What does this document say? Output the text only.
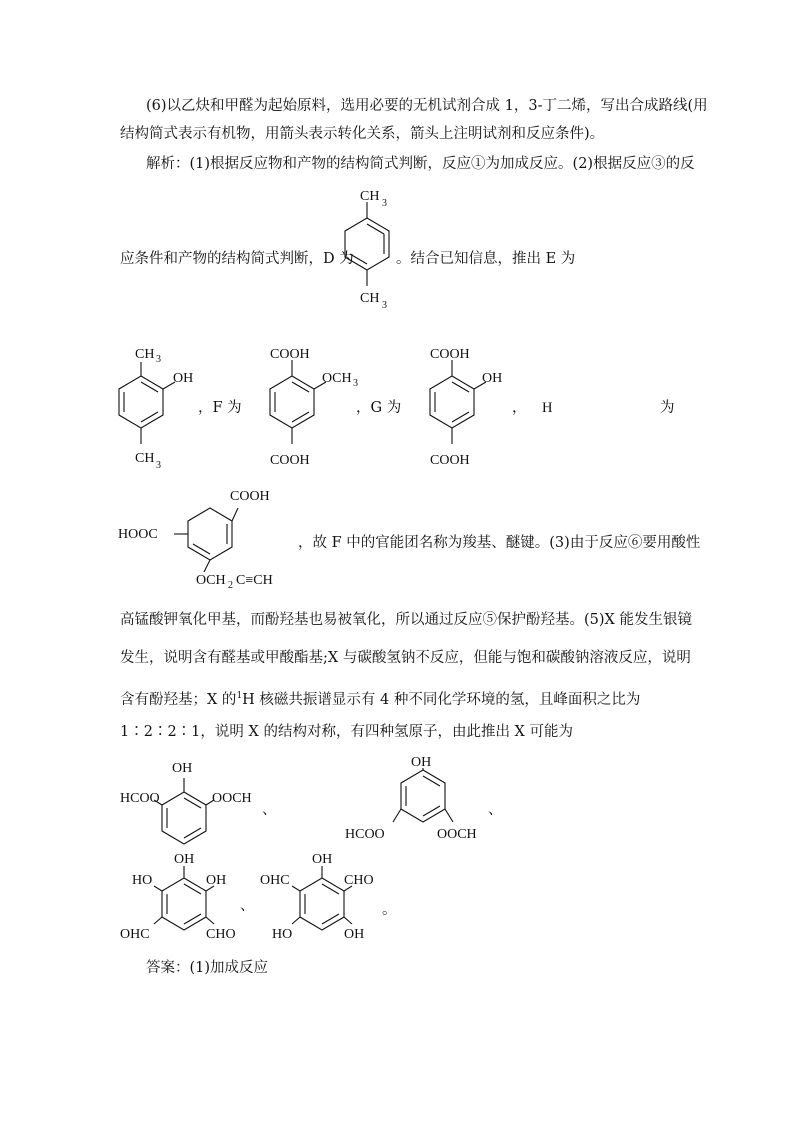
(6)以乙炔和甲醛为起始原料，选用必要的无机试剂合成 1，3-丁二烯，写出合成路线(用
结构简式表示有机物，用箭头表示转化关系，箭头上注明试剂和反应条件)。
解析：(1)根据反应物和产物的结构简式判断，反应①为加成反应。(2)根据反应③的反
CH 3
CH 3
应条件和产物的结构简式判断，D 为	。结合已知信息，推出 E 为
CH 3
OH
CH 3
，F 为
COOH
OCH 3
COOH
，G 为
COOH
OH
COOH
， H	为
COOH
HOOC
OCH 2 C≡CH
，故 F 中的官能团名称为羧基、醚键。(3)由于反应⑥要用酸性
高锰酸钾氧化甲基，而酚羟基也易被氧化，所以通过反应⑤保护酚羟基。(5)X 能发生银镜
发生，说明含有醛基或甲酸酯基;X 与碳酸氢钠不反应，但能与饱和碳酸钠溶液反应，说明
含有酚羟基；X 的$^1$H 核磁共振谱显示有 4 种不同化学环境的氢，且峰面积之比为
1∶2∶2∶1，说明 X 的结构对称，有四种氢原子，由此推出 X 可能为
OH
HCOO	OOCH
、
OH
HCOO	OOCH
、
OH
HO	OH
OHC	CHO
、
OH
OHC	CHO
HO	OH
。
答案：(1)加成反应
